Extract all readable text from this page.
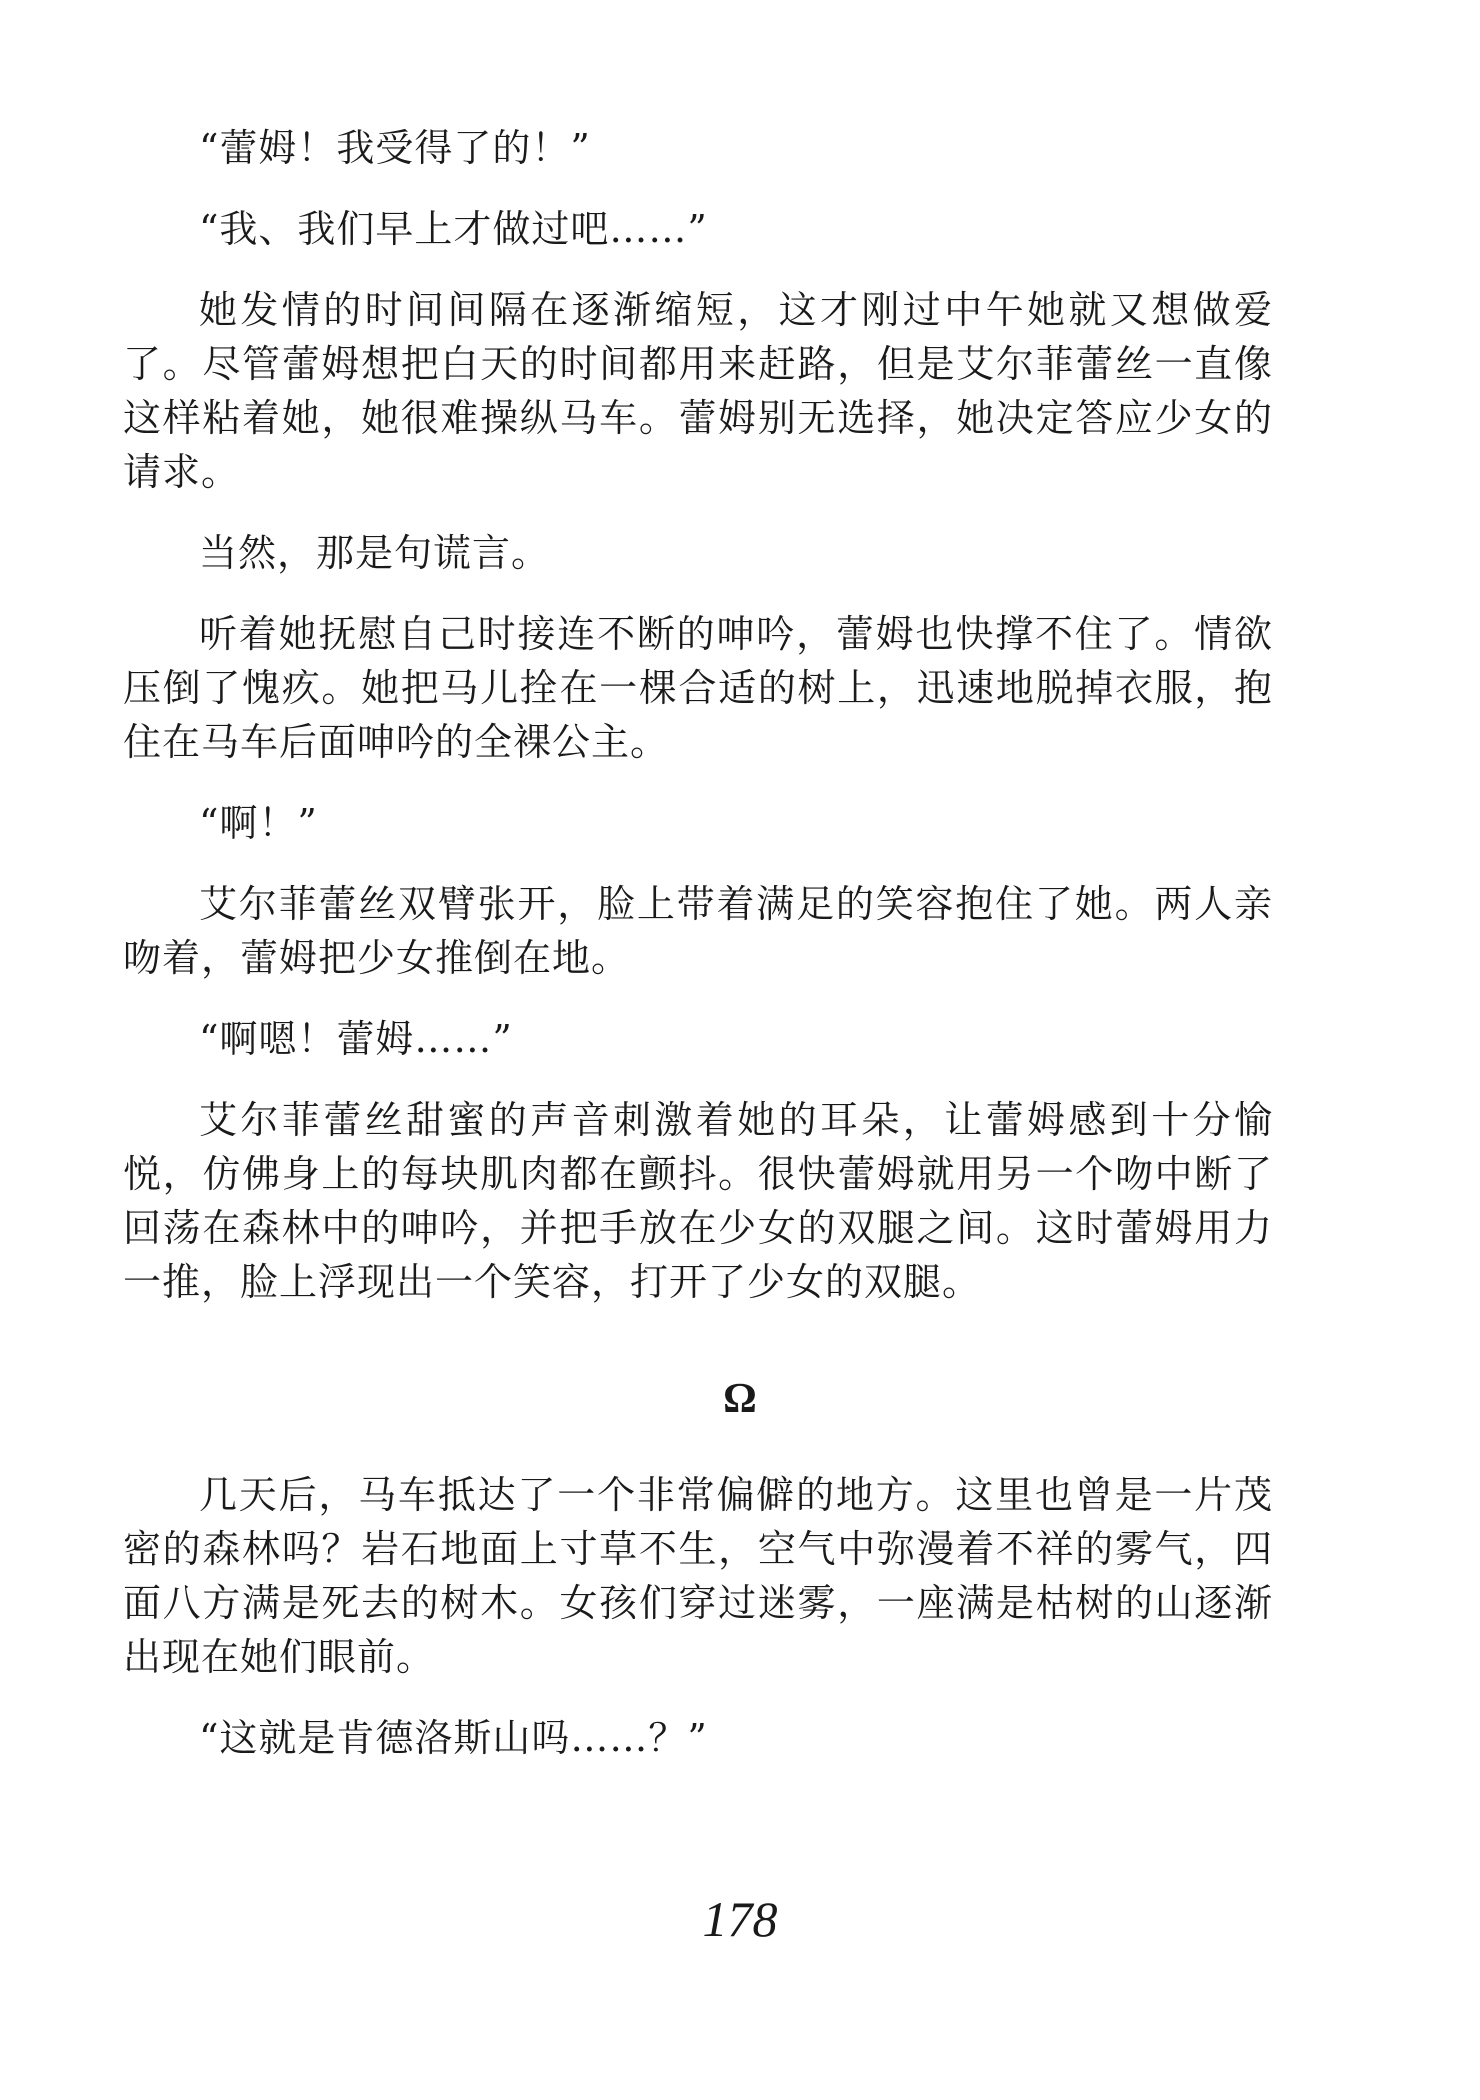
“蕾姆！我受得了的！”

“我、我们早上才做过吧……”

她发情的时间间隔在逐渐缩短，这才刚过中午她就又想做爱了。尽管蕾姆想把白天的时间都用来赶路，但是艾尔菲蕾丝一直像这样粘着她，她很难操纵马车。蕾姆别无选择，她决定答应少女的请求。

当然，那是句谎言。

听着她抚慰自己时接连不断的呻吟，蕾姆也快撑不住了。情欲压倒了愧疚。她把马儿拴在一棵合适的树上，迅速地脱掉衣服，抱住在马车后面呻吟的全裸公主。

“啊！”

艾尔菲蕾丝双臂张开，脸上带着满足的笑容抱住了她。两人亲吻着，蕾姆把少女推倒在地。

“啊嗯！蕾姆……”

艾尔菲蕾丝甜蜜的声音刺激着她的耳朵，让蕾姆感到十分愉悦，仿佛身上的每块肌肉都在颤抖。很快蕾姆就用另一个吻中断了回荡在森林中的呻吟，并把手放在少女的双腿之间。这时蕾姆用力一推，脸上浮现出一个笑容，打开了少女的双腿。

Ω

几天后，马车抵达了一个非常偏僻的地方。这里也曾是一片茂密的森林吗？岩石地面上寸草不生，空气中弥漫着不祥的雾气，四面八方满是死去的树木。女孩们穿过迷雾，一座满是枯树的山逐渐出现在她们眼前。

“这就是肯德洛斯山吗……？”

178
